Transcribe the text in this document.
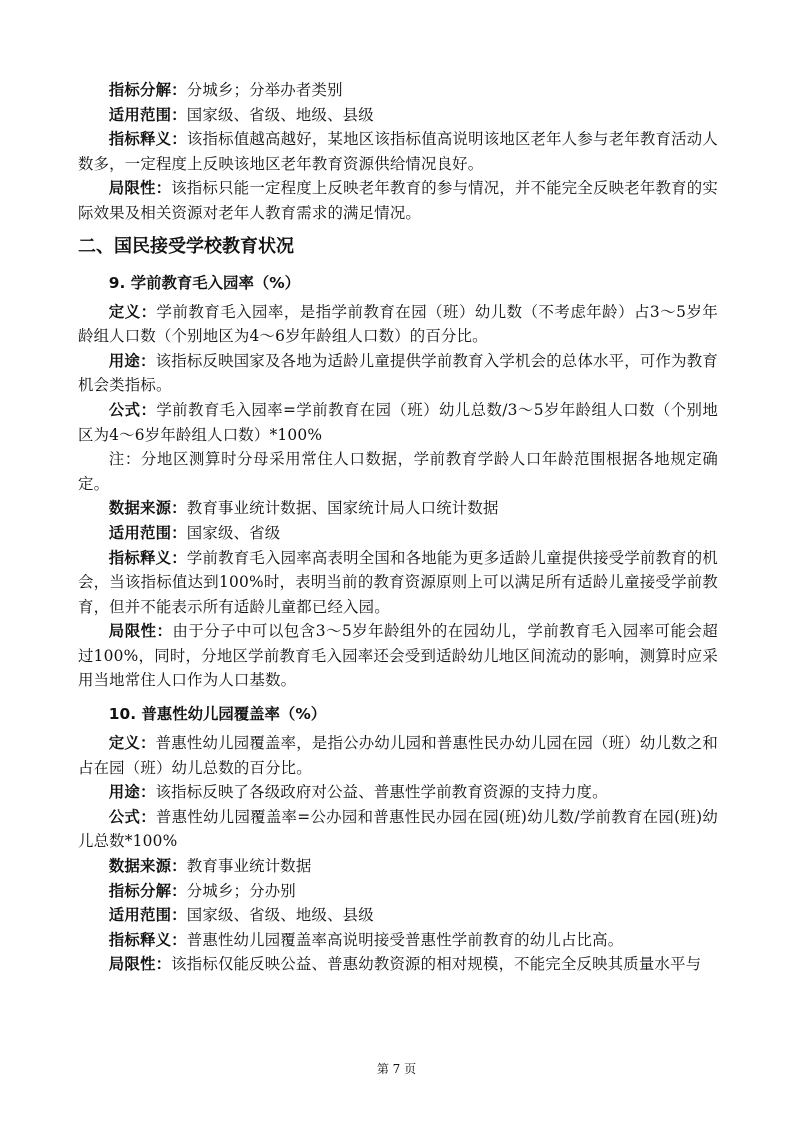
指标分解：分城乡；分举办者类别

适用范围：国家级、省级、地级、县级

指标释义：该指标值越高越好，某地区该指标值高说明该地区老年人参与老年教育活动人数多，一定程度上反映该地区老年教育资源供给情况良好。

局限性：该指标只能一定程度上反映老年教育的参与情况，并不能完全反映老年教育的实际效果及相关资源对老年人教育需求的满足情况。

二、国民接受学校教育状况
9. 学前教育毛入园率（%）

定义：学前教育毛入园率，是指学前教育在园（班）幼儿数（不考虑年龄）占3～5岁年龄组人口数（个别地区为4～6岁年龄组人口数）的百分比。

用途：该指标反映国家及各地为适龄儿童提供学前教育入学机会的总体水平，可作为教育机会类指标。

公式：学前教育毛入园率=学前教育在园（班）幼儿总数/3～5岁年龄组人口数（个别地区为4～6岁年龄组人口数）*100%

注：分地区测算时分母采用常住人口数据，学前教育学龄人口年龄范围根据各地规定确定。

数据来源：教育事业统计数据、国家统计局人口统计数据

适用范围：国家级、省级

指标释义：学前教育毛入园率高表明全国和各地能为更多适龄儿童提供接受学前教育的机会，当该指标值达到100%时，表明当前的教育资源原则上可以满足所有适龄儿童接受学前教育，但并不能表示所有适龄儿童都已经入园。

局限性：由于分子中可以包含3～5岁年龄组外的在园幼儿，学前教育毛入园率可能会超过100%，同时，分地区学前教育毛入园率还会受到适龄幼儿地区间流动的影响，测算时应采用当地常住人口作为人口基数。

10. 普惠性幼儿园覆盖率（%）

定义：普惠性幼儿园覆盖率，是指公办幼儿园和普惠性民办幼儿园在园（班）幼儿数之和占在园（班）幼儿总数的百分比。

用途：该指标反映了各级政府对公益、普惠性学前教育资源的支持力度。

公式：普惠性幼儿园覆盖率=公办园和普惠性民办园在园(班)幼儿数/学前教育在园(班)幼儿总数*100%

数据来源：教育事业统计数据

指标分解：分城乡；分办别

适用范围：国家级、省级、地级、县级

指标释义：普惠性幼儿园覆盖率高说明接受普惠性学前教育的幼儿占比高。

局限性：该指标仅能反映公益、普惠幼教资源的相对规模，不能完全反映其质量水平与

第 7 页
